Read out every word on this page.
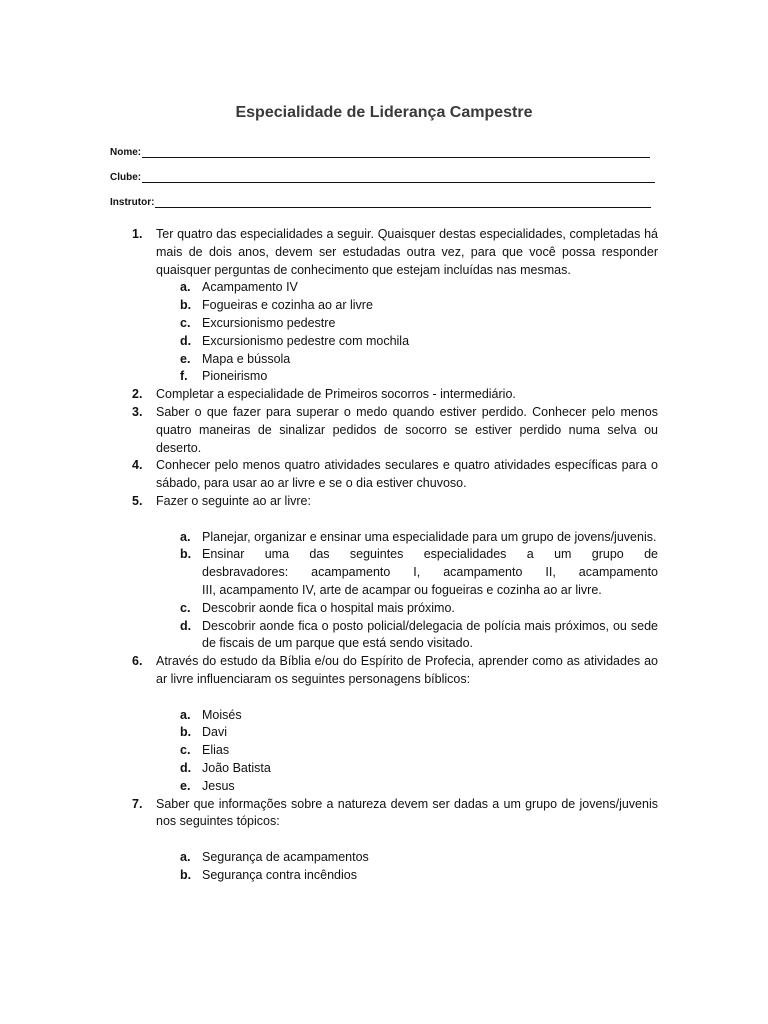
Especialidade de Liderança Campestre
Nome:
Clube:
Instrutor:
1. Ter quatro das especialidades a seguir. Quaisquer destas especialidades, completadas há mais de dois anos, devem ser estudadas outra vez, para que você possa responder quaisquer perguntas de conhecimento que estejam incluídas nas mesmas.
a. Acampamento IV
b. Fogueiras e cozinha ao ar livre
c. Excursionismo pedestre
d. Excursionismo pedestre com mochila
e. Mapa e bússola
f. Pioneirismo
2. Completar a especialidade de Primeiros socorros - intermediário.
3. Saber o que fazer para superar o medo quando estiver perdido. Conhecer pelo menos quatro maneiras de sinalizar pedidos de socorro se estiver perdido numa selva ou deserto.
4. Conhecer pelo menos quatro atividades seculares e quatro atividades específicas para o sábado, para usar ao ar livre e se o dia estiver chuvoso.
5. Fazer o seguinte ao ar livre:
a. Planejar, organizar e ensinar uma especialidade para um grupo de jovens/juvenis.
b. Ensinar uma das seguintes especialidades a um grupo de
desbravadores: acampamento I, acampamento II, acampamento
III, acampamento IV, arte de acampar ou fogueiras e cozinha ao ar livre.
c. Descobrir aonde fica o hospital mais próximo.
d. Descobrir aonde fica o posto policial/delegacia de polícia mais próximos, ou sede de fiscais de um parque que está sendo visitado.
6. Através do estudo da Bíblia e/ou do Espírito de Profecia, aprender como as atividades ao ar livre influenciaram os seguintes personagens bíblicos:
a. Moisés
b. Davi
c. Elias
d. João Batista
e. Jesus
7. Saber que informações sobre a natureza devem ser dadas a um grupo de jovens/juvenis nos seguintes tópicos:
a. Segurança de acampamentos
b. Segurança contra incêndios
